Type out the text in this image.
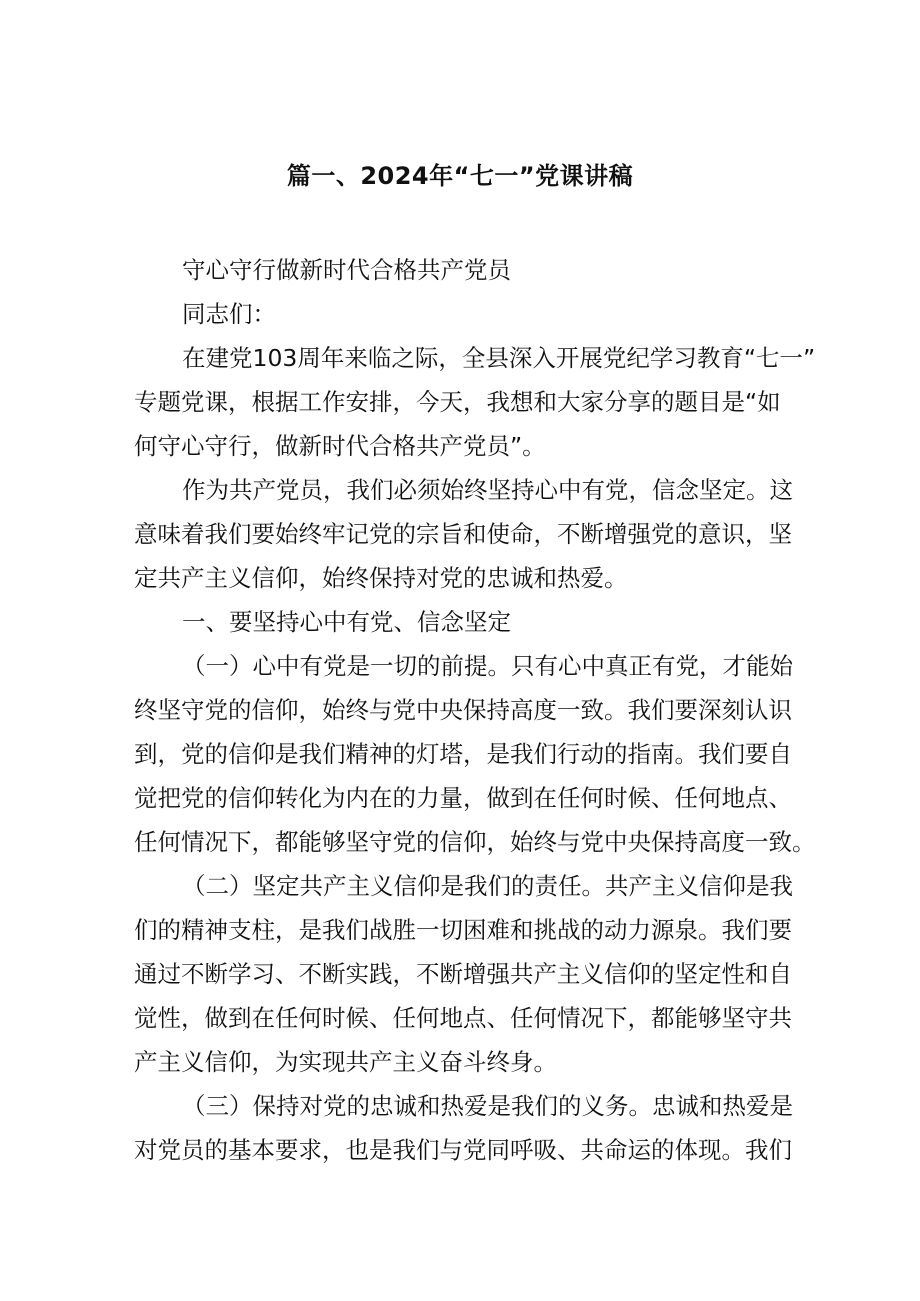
篇一、2024年“七一”党课讲稿
守心守行做新时代合格共产党员
同志们：
在建党103周年来临之际，全县深入开展党纪学习教育“七一”
专题党课，根据工作安排，今天，我想和大家分享的题目是“如
何守心守行，做新时代合格共产党员”。
作为共产党员，我们必须始终坚持心中有党，信念坚定。这
意味着我们要始终牢记党的宗旨和使命，不断增强党的意识，坚
定共产主义信仰，始终保持对党的忠诚和热爱。
一、要坚持心中有党、信念坚定
（一）心中有党是一切的前提。只有心中真正有党，才能始
终坚守党的信仰，始终与党中央保持高度一致。我们要深刻认识
到，党的信仰是我们精神的灯塔，是我们行动的指南。我们要自
觉把党的信仰转化为内在的力量，做到在任何时候、任何地点、
任何情况下，都能够坚守党的信仰，始终与党中央保持高度一致。
（二）坚定共产主义信仰是我们的责任。共产主义信仰是我
们的精神支柱，是我们战胜一切困难和挑战的动力源泉。我们要
通过不断学习、不断实践，不断增强共产主义信仰的坚定性和自
觉性，做到在任何时候、任何地点、任何情况下，都能够坚守共
产主义信仰，为实现共产主义奋斗终身。
（三）保持对党的忠诚和热爱是我们的义务。忠诚和热爱是
对党员的基本要求，也是我们与党同呼吸、共命运的体现。我们
